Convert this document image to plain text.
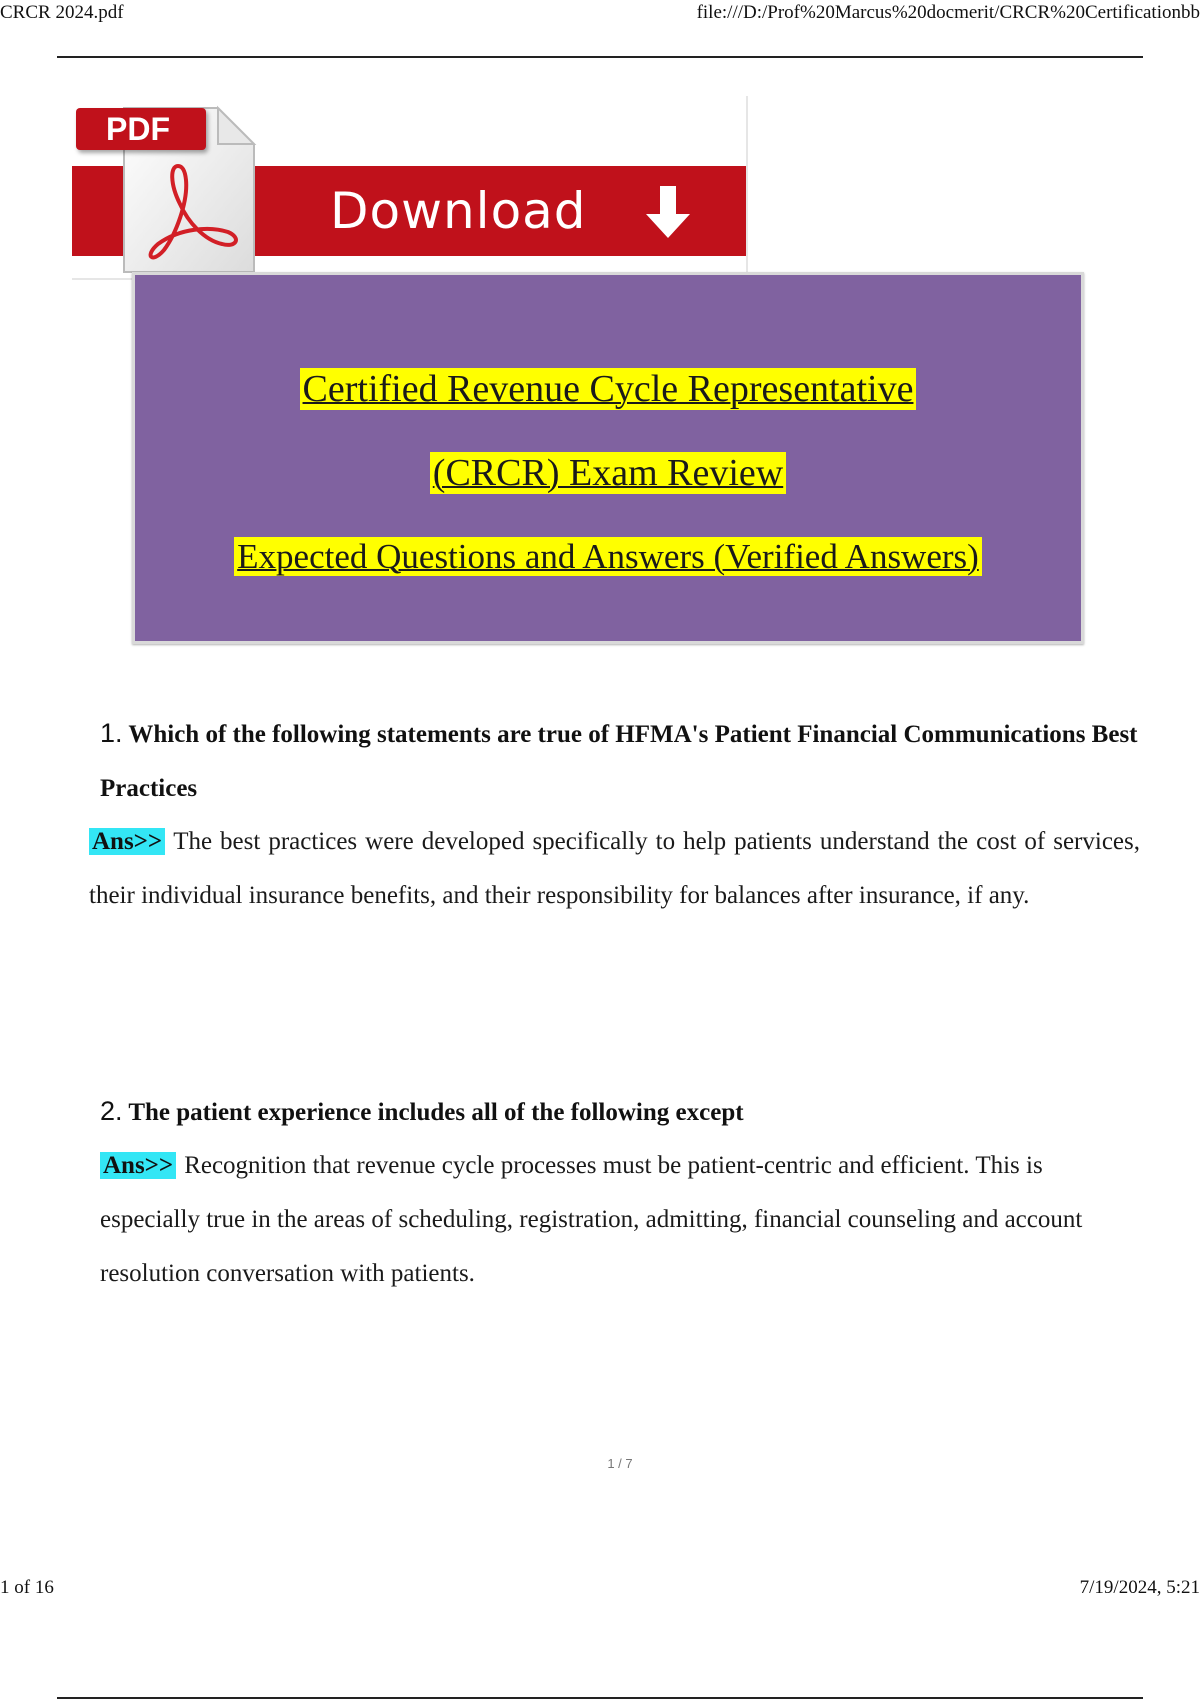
CRCR 2024.pdf	file:///D:/Prof%20Marcus%20docmerit/CRCR%20Certificationbb
PDF
Download
Certified Revenue Cycle Representative
(CRCR) Exam Review
Expected Questions and Answers (Verified Answers)
1. Which of the following statements are true of HFMA's Patient Financial Communications Best Practices
Ans>> The best practices were developed specifically to help patients understand the cost of services, their individual insurance benefits, and their responsibility for balances after insurance, if any.
2. The patient experience includes all of the following except
Ans>> Recognition that revenue cycle processes must be patient-centric and efficient. This is especially true in the areas of scheduling, registration, admitting, financial counseling and account resolution conversation with patients.
1 / 7
1 of 16	7/19/2024, 5:21
